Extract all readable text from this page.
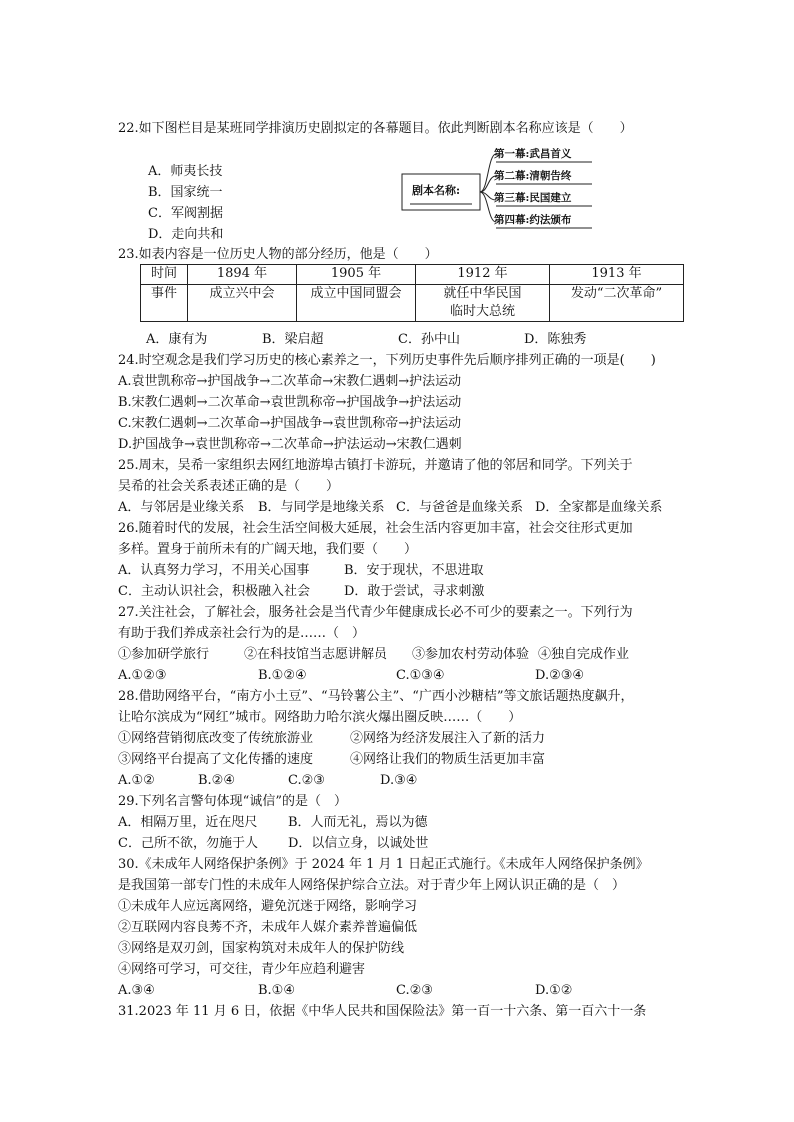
22.如下图栏目是某班同学排演历史剧拟定的各幕题目。依此判断剧本名称应该是（　　）
A．师夷长技
B．国家统一
C．军阀割据
D．走向共和
剧本名称:
第一幕:武昌首义
第二幕:清朝告终
第三幕:民国建立
第四幕:约法颁布
23.如表内容是一位历史人物的部分经历，他是（　　）
时间	1894 年	1905 年	1912 年	1913 年
事件	成立兴中会	成立中国同盟会	就任中华民国
临时大总统	发动“二次革命”
A．康有为	B．梁启超	C．孙中山	D．陈独秀
24.时空观念是我们学习历史的核心素养之一，下列历史事件先后顺序排列正确的一项是(　　)
A.袁世凯称帝→护国战争→二次革命→宋教仁遇刺→护法运动
B.宋教仁遇刺→二次革命→袁世凯称帝→护国战争→护法运动
C.宋教仁遇刺→二次革命→护国战争→袁世凯称帝→护法运动
D.护国战争→袁世凯称帝→二次革命→护法运动→宋教仁遇刺
25.周末，吴希一家组织去网红地游埠古镇打卡游玩，并邀请了他的邻居和同学。下列关于
吴希的社会关系表述正确的是（　　）
A．与邻居是业缘关系 B．与同学是地缘关系 C．与爸爸是血缘关系 D．全家都是血缘关系
26.随着时代的发展，社会生活空间极大延展，社会生活内容更加丰富，社会交往形式更加
多样。置身于前所未有的广阔天地，我们要（　　）
A．认真努力学习，不用关心国事	B．安于现状，不思进取
C．主动认识社会，积极融入社会	D．敢于尝试，寻求刺激
27.关注社会，了解社会，服务社会是当代青少年健康成长必不可少的要素之一。下列行为
有助于我们养成亲社会行为的是……（　）
①参加研学旅行	②在科技馆当志愿讲解员 ③参加农村劳动体验 ④独自完成作业
A.①②③	B.①②④	C.①③④	D.②③④
28.借助网络平台，“南方小土豆”、“马铃薯公主”、“广西小沙糖桔”等文旅话题热度飙升，
让哈尔滨成为“网红”城市。网络助力哈尔滨火爆出圈反映……（　　）
①网络营销彻底改变了传统旅游业	②网络为经济发展注入了新的活力
③网络平台提高了文化传播的速度	④网络让我们的物质生活更加丰富
A.①②	B.②④	C.②③	D.③④
29.下列名言警句体现“诚信”的是（　）
A．相隔万里，近在咫尺 B．人而无礼，焉以为德
C．己所不欲，勿施于人 D．以信立身，以诚处世
30.《未成年人网络保护条例》于 2024 年 1 月 1 日起正式施行。《未成年人网络保护条例》
是我国第一部专门性的未成年人网络保护综合立法。对于青少年上网认识正确的是（　）
①未成年人应远离网络，避免沉迷于网络，影响学习
②互联网内容良莠不齐，未成年人媒介素养普遍偏低
③网络是双刃剑，国家构筑对未成年人的保护防线
④网络可学习，可交往，青少年应趋利避害
A.③④	B.①④	C.②③	D.①②
31.2023 年 11 月 6 日，依据《中华人民共和国保险法》第一百一十六条、第一百六十一条
